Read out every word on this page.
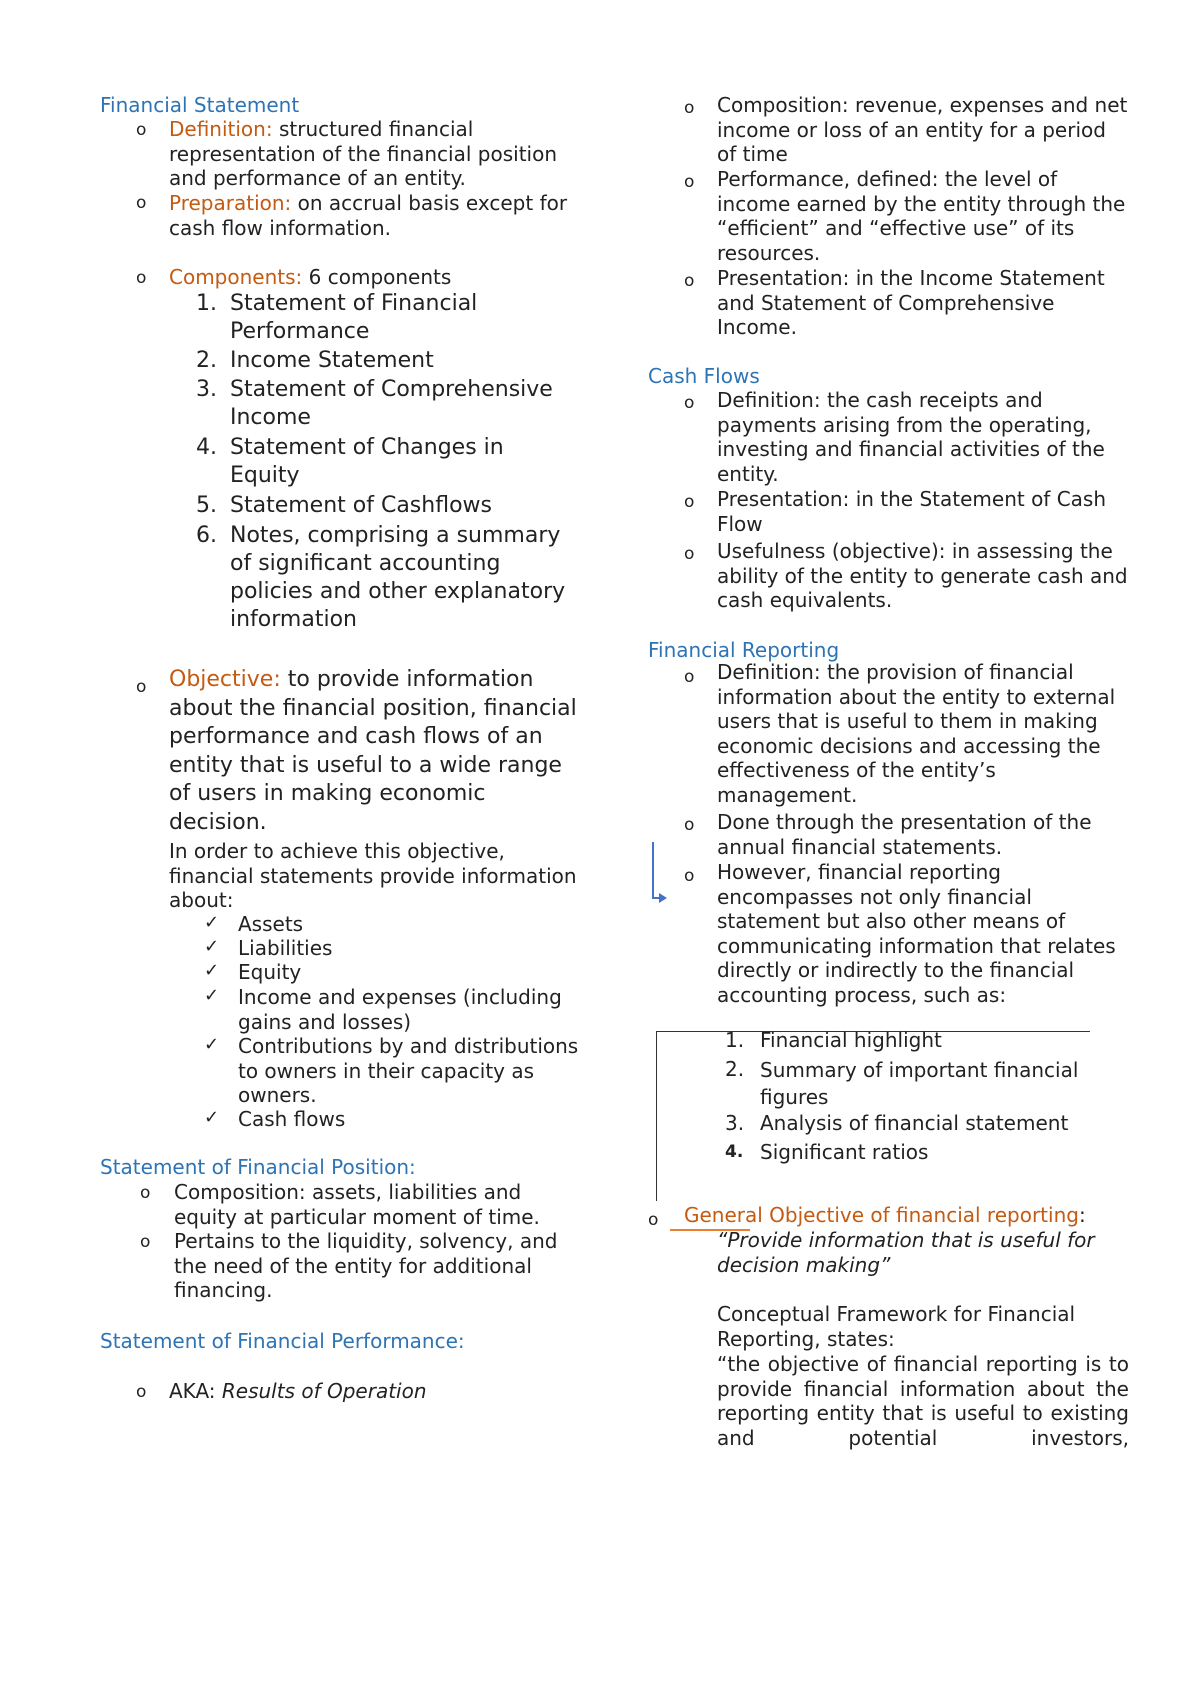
Financial Statement
o Definition: structured financial representation of the financial position and performance of an entity.
o Preparation: on accrual basis except for cash flow information.
o Components: 6 components
1. Statement of Financial Performance
2. Income Statement
3. Statement of Comprehensive Income
4. Statement of Changes in Equity
5. Statement of Cashflows
6. Notes, comprising a summary of significant accounting policies and other explanatory information
o Objective: to provide information about the financial position, financial performance and cash flows of an entity that is useful to a wide range of users in making economic decision.
In order to achieve this objective, financial statements provide information about:
✓ Assets
✓ Liabilities
✓ Equity
✓ Income and expenses (including gains and losses)
✓ Contributions by and distributions to owners in their capacity as owners.
✓ Cash flows
Statement of Financial Position:
o Composition: assets, liabilities and equity at particular moment of time.
o Pertains to the liquidity, solvency, and the need of the entity for additional financing.
Statement of Financial Performance:
o AKA: Results of Operation
o Composition: revenue, expenses and net income or loss of an entity for a period of time
o Performance, defined: the level of income earned by the entity through the “efficient” and “effective use” of its resources.
o Presentation: in the Income Statement and Statement of Comprehensive Income.
Cash Flows
o Definition: the cash receipts and payments arising from the operating, investing and financial activities of the entity.
o Presentation: in the Statement of Cash Flow
o Usefulness (objective): in assessing the ability of the entity to generate cash and cash equivalents.
Financial Reporting
o Definition: the provision of financial information about the entity to external users that is useful to them in making economic decisions and accessing the effectiveness of the entity’s management.
o Done through the presentation of the annual financial statements.
o However, financial reporting encompasses not only financial statement but also other means of communicating information that relates directly or indirectly to the financial accounting process, such as:
1. Financial highlight
2. Summary of important financial figures
3. Analysis of financial statement
4. Significant ratios
o General Objective of financial reporting:
“Provide information that is useful for decision making”
Conceptual Framework for Financial Reporting, states:
“the objective of financial reporting is to provide financial information about the reporting entity that is useful to existing and potential investors,
